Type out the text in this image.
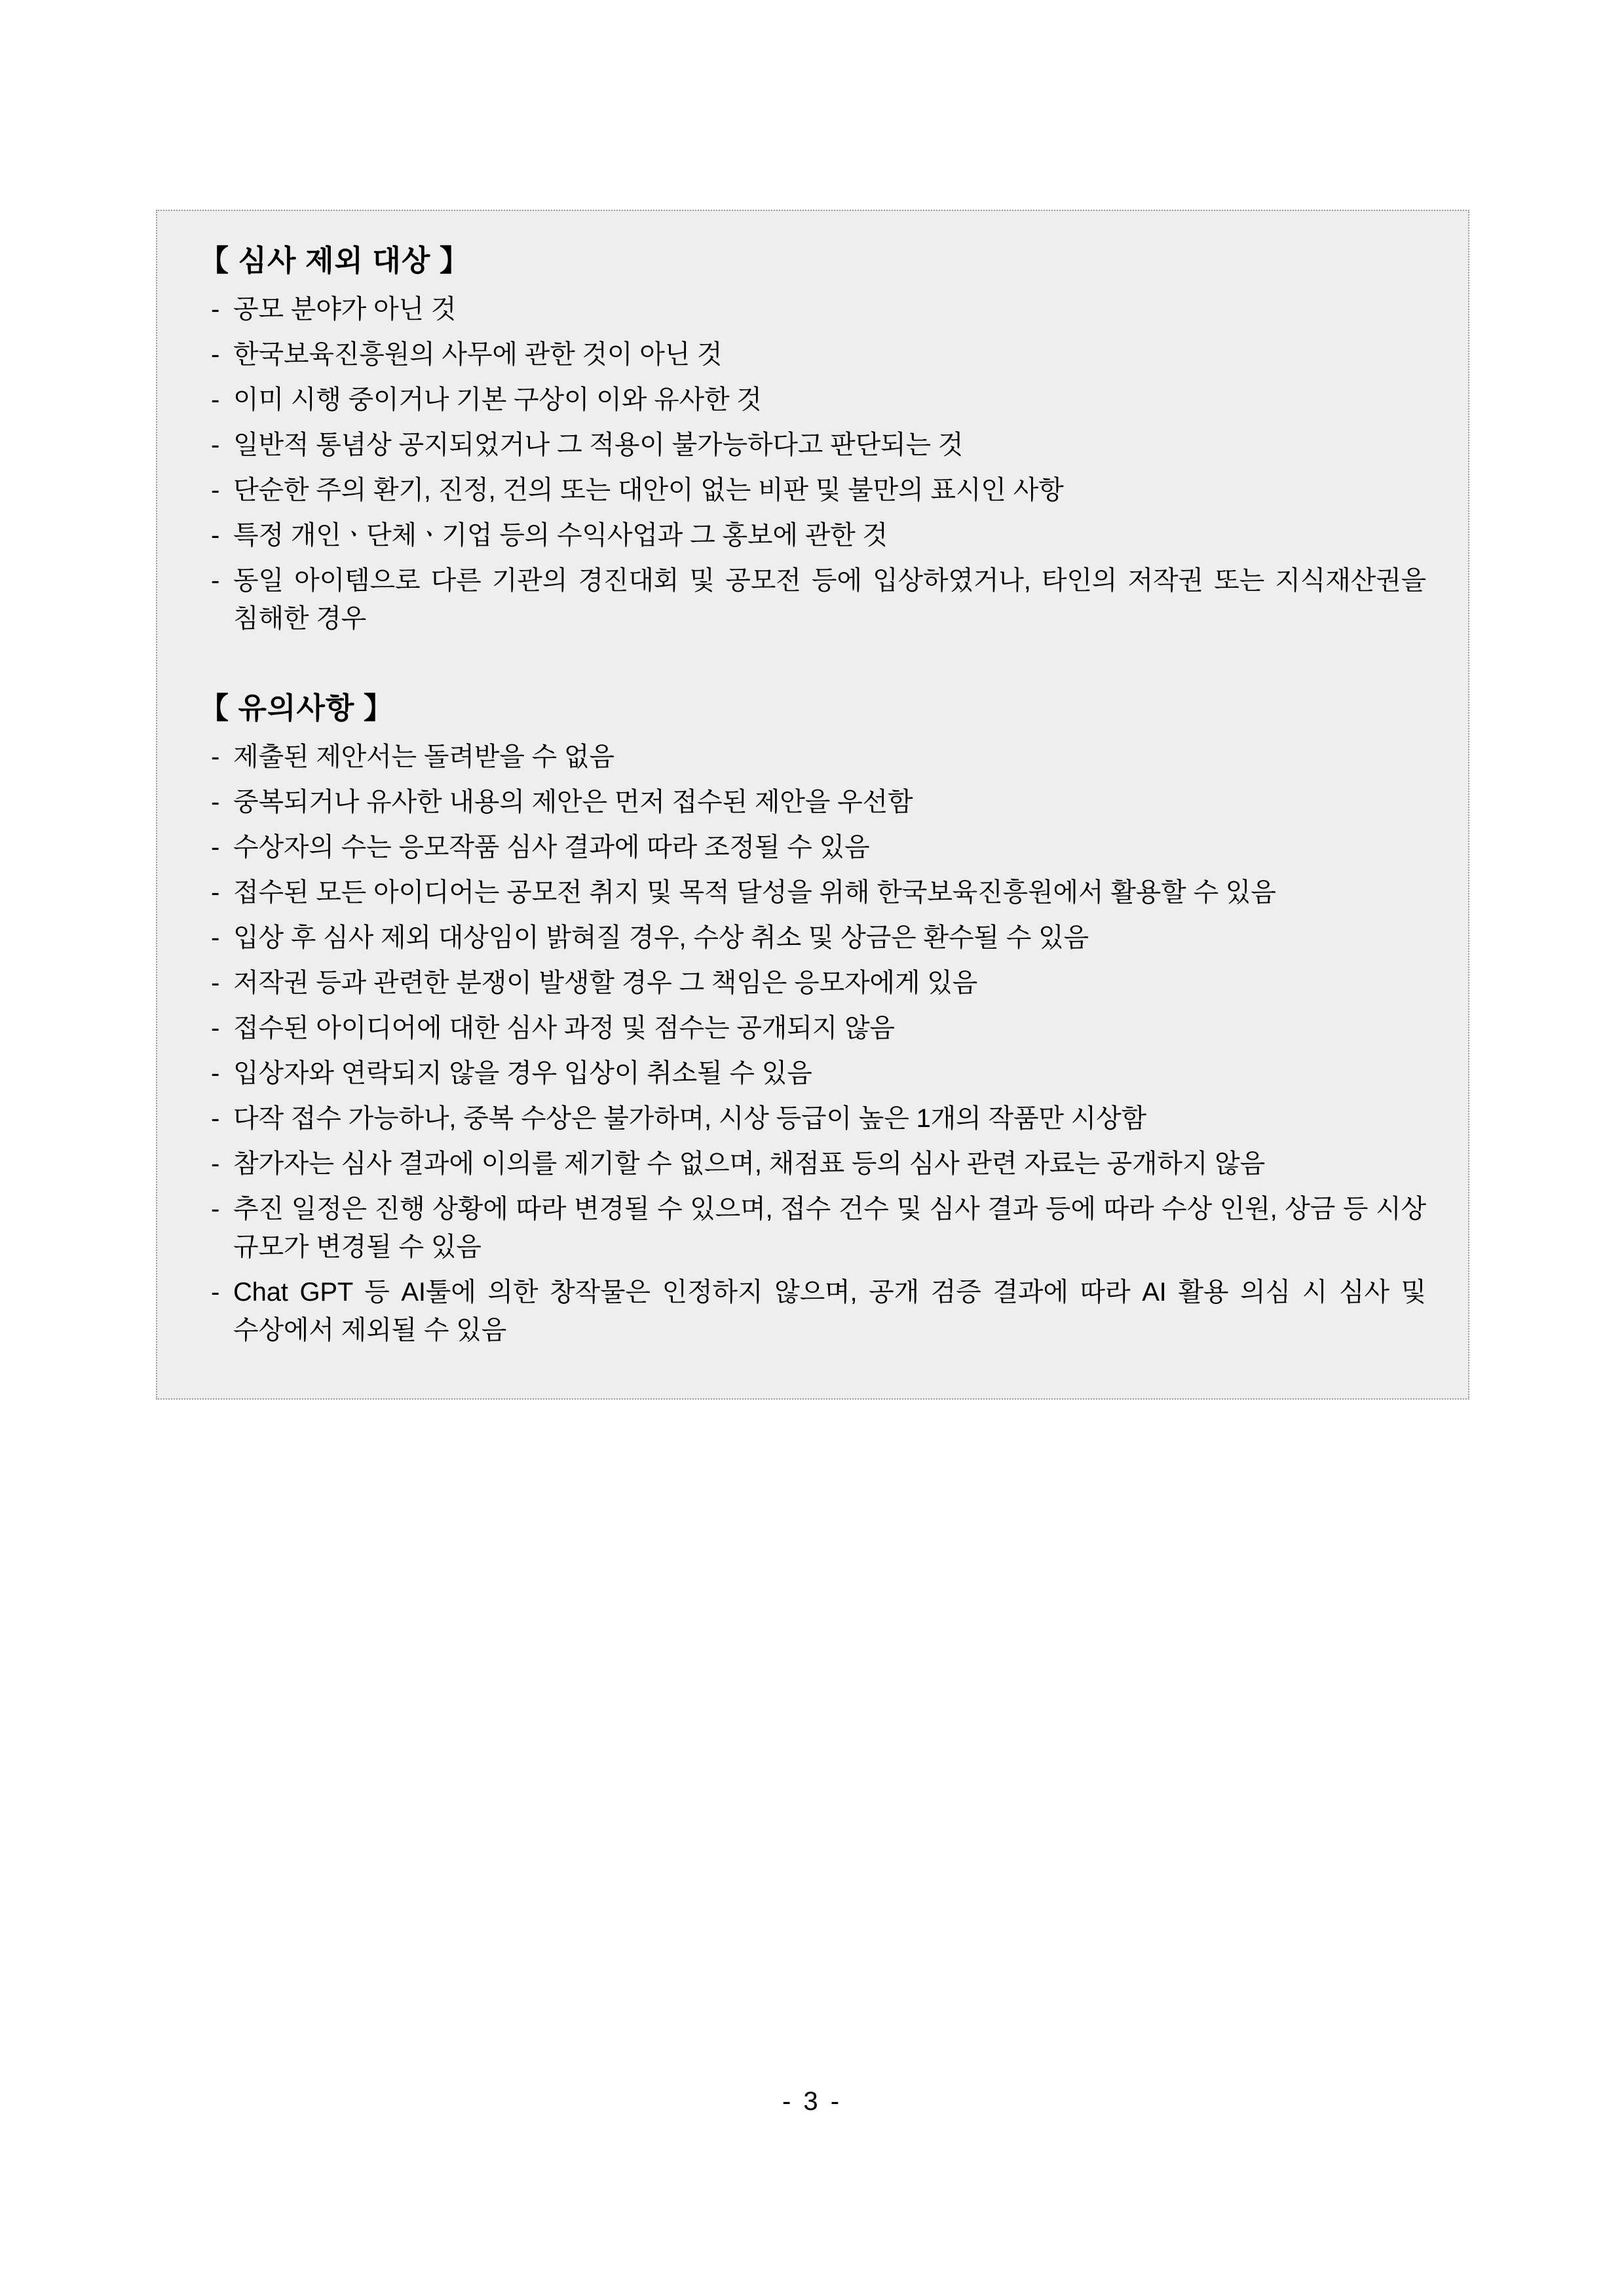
【 심사 제외 대상 】
- 공모 분야가 아닌 것
- 한국보육진흥원의 사무에 관한 것이 아닌 것
- 이미 시행 중이거나 기본 구상이 이와 유사한 것
- 일반적 통념상 공지되었거나 그 적용이 불가능하다고 판단되는 것
- 단순한 주의 환기, 진정, 건의 또는 대안이 없는 비판 및 불만의 표시인 사항
- 특정 개인ㆍ단체ㆍ기업 등의 수익사업과 그 홍보에 관한 것
- 동일 아이템으로 다른 기관의 경진대회 및 공모전 등에 입상하였거나, 타인의 저작권 또는 지식재산권을 침해한 경우
【 유의사항 】
- 제출된 제안서는 돌려받을 수 없음
- 중복되거나 유사한 내용의 제안은 먼저 접수된 제안을 우선함
- 수상자의 수는 응모작품 심사 결과에 따라 조정될 수 있음
- 접수된 모든 아이디어는 공모전 취지 및 목적 달성을 위해 한국보육진흥원에서 활용할 수 있음
- 입상 후 심사 제외 대상임이 밝혀질 경우, 수상 취소 및 상금은 환수될 수 있음
- 저작권 등과 관련한 분쟁이 발생할 경우 그 책임은 응모자에게 있음
- 접수된 아이디어에 대한 심사 과정 및 점수는 공개되지 않음
- 입상자와 연락되지 않을 경우 입상이 취소될 수 있음
- 다작 접수 가능하나, 중복 수상은 불가하며, 시상 등급이 높은 1개의 작품만 시상함
- 참가자는 심사 결과에 이의를 제기할 수 없으며, 채점표 등의 심사 관련 자료는 공개하지 않음
- 추진 일정은 진행 상황에 따라 변경될 수 있으며, 접수 건수 및 심사 결과 등에 따라 수상 인원, 상금 등 시상 규모가 변경될 수 있음
- Chat GPT 등 AI툴에 의한 창작물은 인정하지 않으며, 공개 검증 결과에 따라 AI 활용 의심 시 심사 및 수상에서 제외될 수 있음
- 3 -
